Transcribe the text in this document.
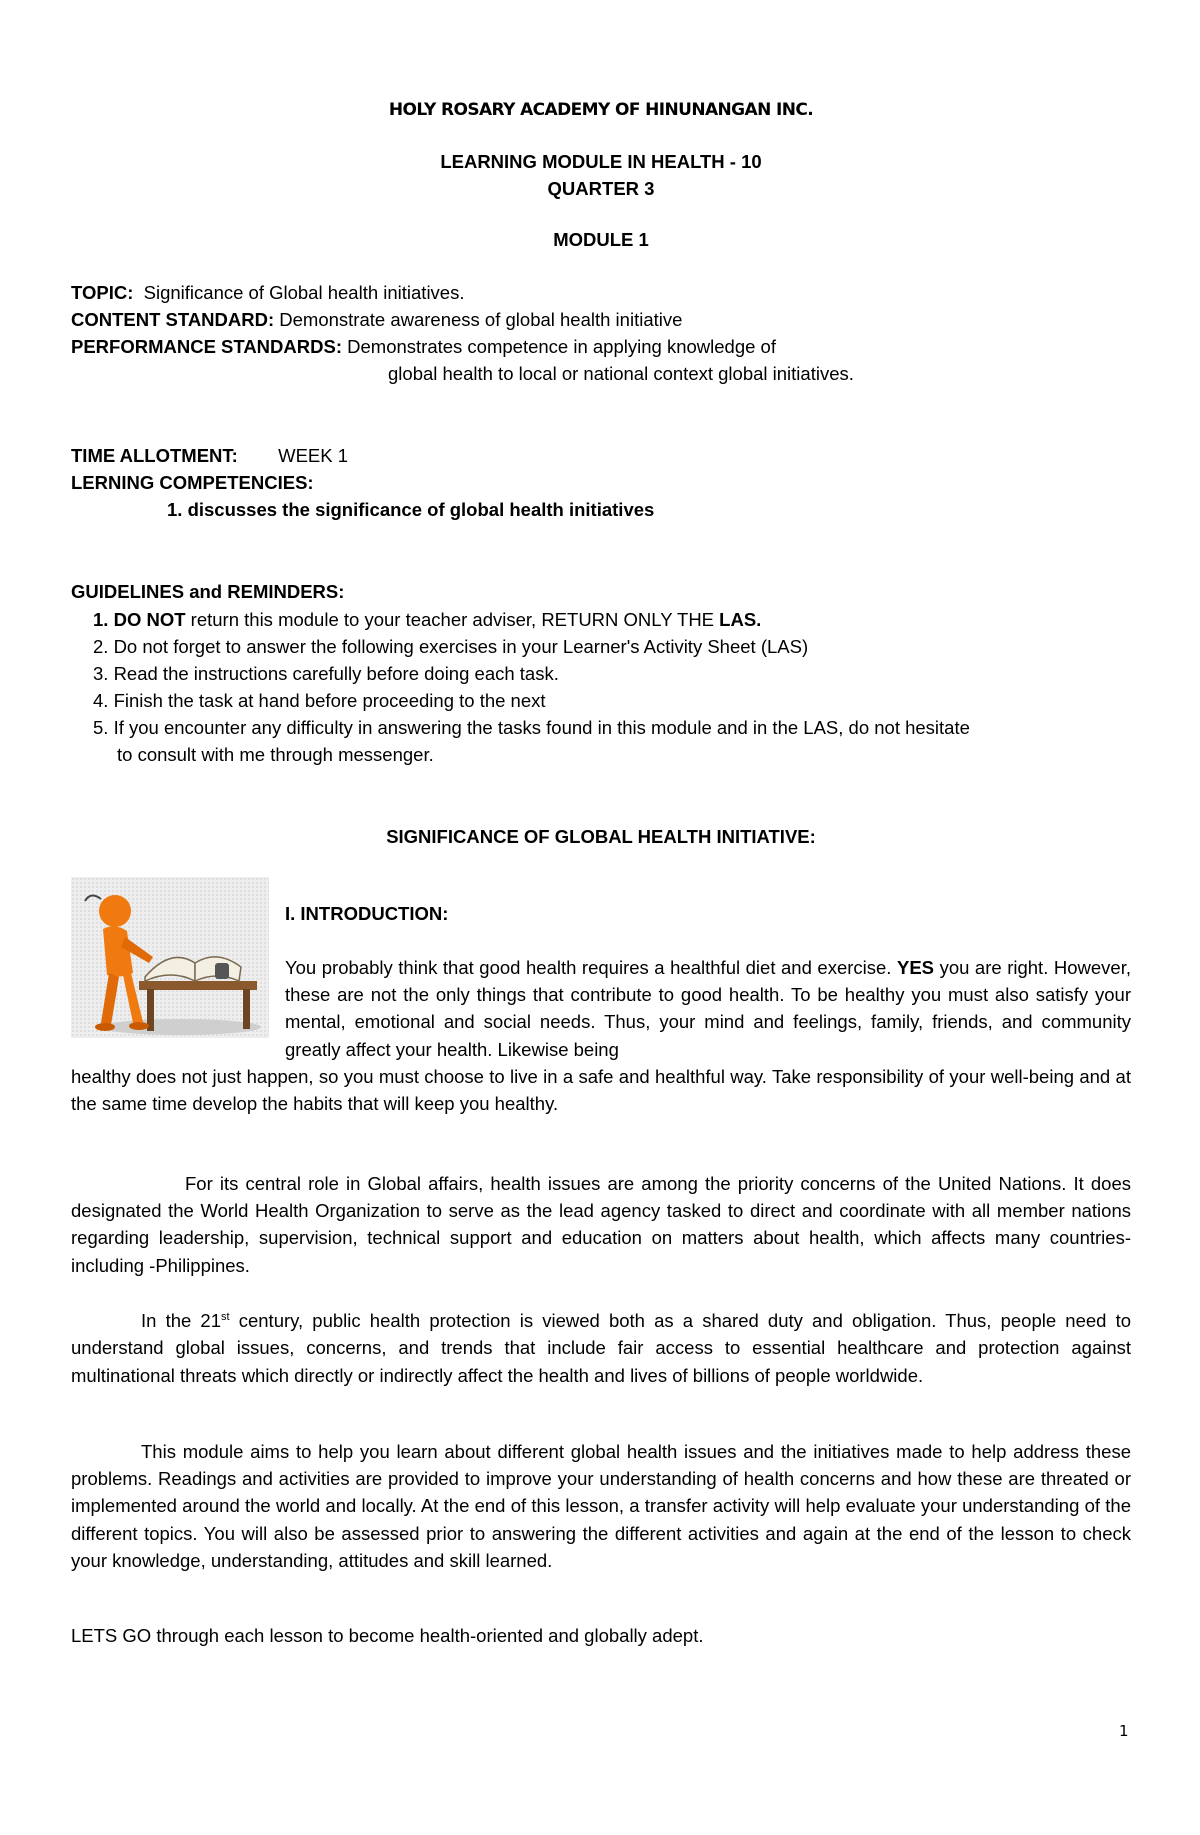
HOLY ROSARY ACADEMY OF HINUNANGAN INC.
LEARNING MODULE IN HEALTH - 10
QUARTER 3
MODULE 1
TOPIC: Significance of Global health initiatives.
CONTENT STANDARD: Demonstrate awareness of global health initiative
PERFORMANCE STANDARDS: Demonstrates competence in applying knowledge of
global health to local or national context global initiatives.
TIME ALLOTMENT: WEEK 1
LERNING COMPETENCIES:
1. discusses the significance of global health initiatives
GUIDELINES and REMINDERS:
1. DO NOT return this module to your teacher adviser, RETURN ONLY THE LAS.
2. Do not forget to answer the following exercises in your Learner's Activity Sheet (LAS)
3. Read the instructions carefully before doing each task.
4. Finish the task at hand before proceeding to the next
5. If you encounter any difficulty in answering the tasks found in this module and in the LAS, do not hesitate
to consult with me through messenger.
SIGNIFICANCE OF GLOBAL HEALTH INITIATIVE:
I. INTRODUCTION:
You probably think that good health requires a healthful diet and exercise. YES you are right. However, these are not the only things that contribute to good health. To be healthy you must also satisfy your mental, emotional and social needs. Thus, your mind and feelings, family, friends, and community greatly affect your health. Likewise being
healthy does not just happen, so you must choose to live in a safe and healthful way. Take responsibility of your well-being and at the same time develop the habits that will keep you healthy.
For its central role in Global affairs, health issues are among the priority concerns of the United Nations. It does designated the World Health Organization to serve as the lead agency tasked to direct and coordinate with all member nations regarding leadership, supervision, technical support and education on matters about health, which affects many countries- including -Philippines.
In the 21st century, public health protection is viewed both as a shared duty and obligation. Thus, people need to understand global issues, concerns, and trends that include fair access to essential healthcare and protection against multinational threats which directly or indirectly affect the health and lives of billions of people worldwide.
This module aims to help you learn about different global health issues and the initiatives made to help address these problems. Readings and activities are provided to improve your understanding of health concerns and how these are threated or implemented around the world and locally. At the end of this lesson, a transfer activity will help evaluate your understanding of the different topics. You will also be assessed prior to answering the different activities and again at the end of the lesson to check your knowledge, understanding, attitudes and skill learned.
LETS GO through each lesson to become health-oriented and globally adept.
1
